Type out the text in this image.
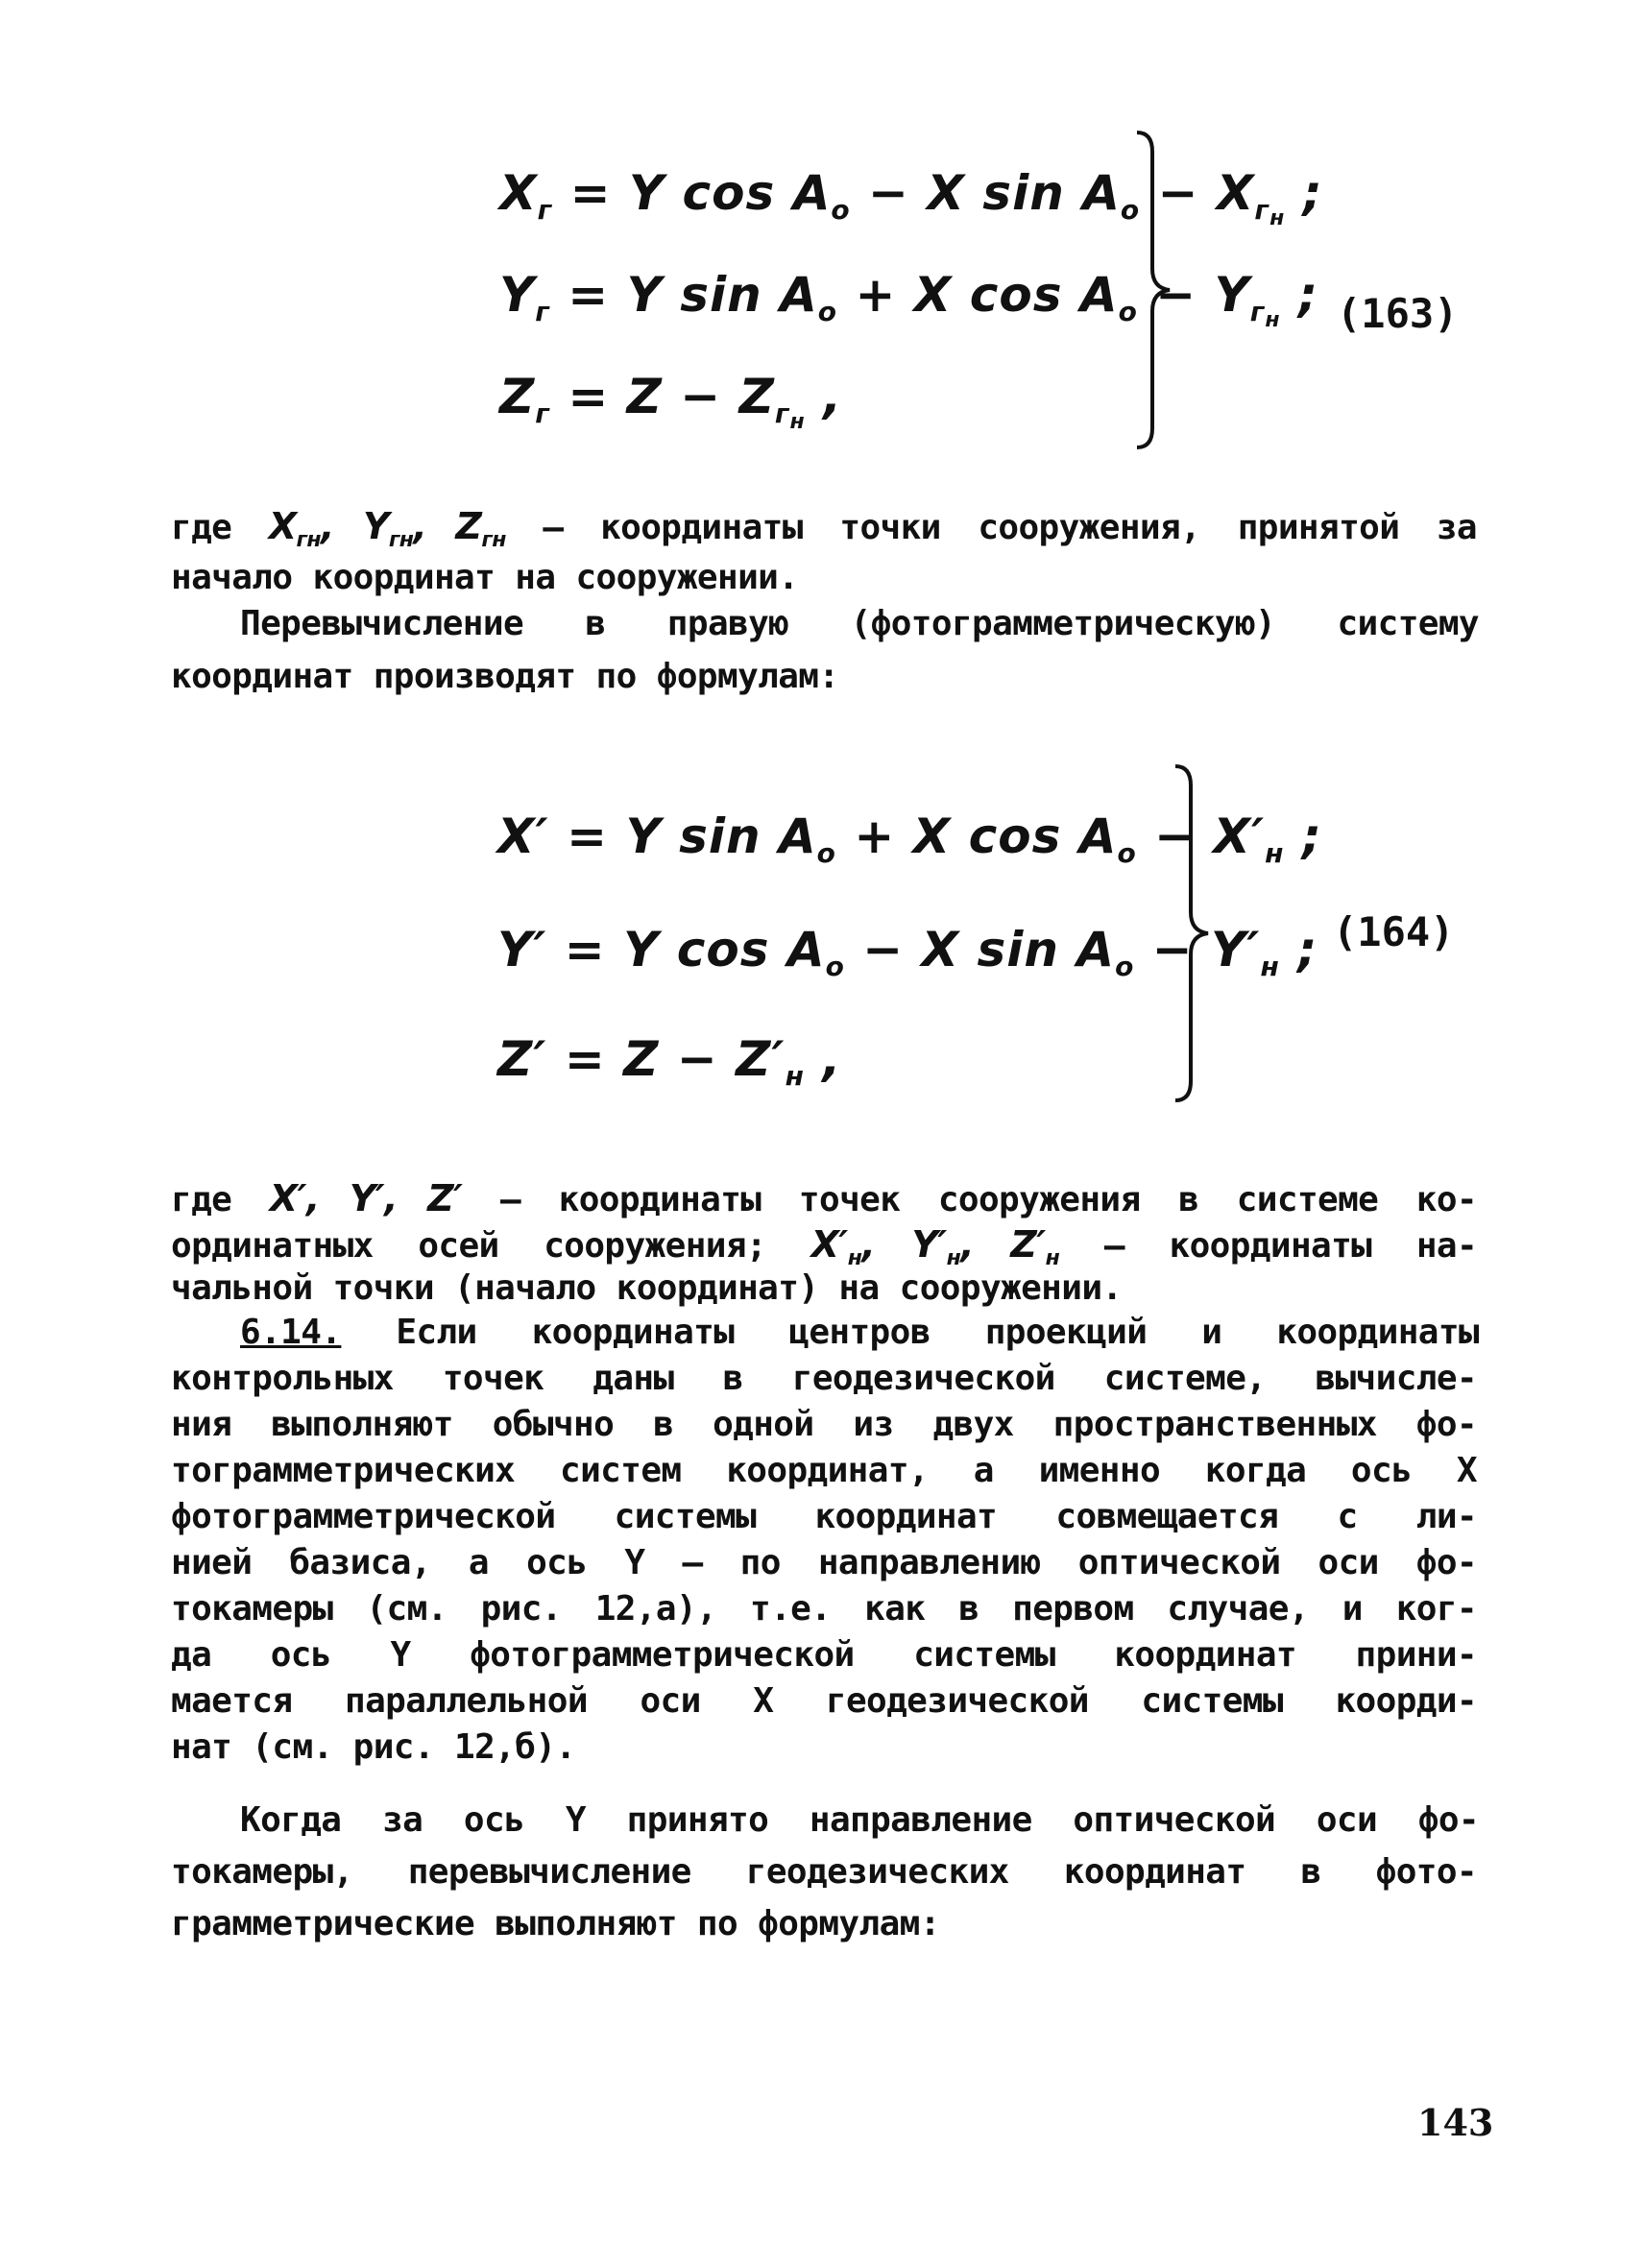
$X_г = Y$ $\cos A_o - X$ $\sin A_o - X_{г_н}$ ;
$Y_г = Y$ $\sin A_o + X$ $\cos A_o - Y_{г_н}$ ;
$Z_г = Z - Z_{г_н}$ ,
(163)
где $X_{гн}$, $Y_{гн}$, $Z_{гн}$ – координаты точки сооружения, принятой за
начало координат на сооружении.
Перевычисление в правую (фотограмметрическую) систему
координат производят по формулам:
X′ = Y $\sin A_o + X$ $\cos A_o - X'_н$ ;
Y′ = Y $\cos A_o - X$ $\sin A_o - Y'_н$ ;
$Z' = Z - Z'_н$ ,
(164)
где X′, Y′, Z′ – координаты точек сооружения в системе ко-
ординатных осей сооружения; $X'_н$, $Y'_н$, $Z'_н$ – координаты на-
чальной точки (начало координат) на сооружении.
6.14. Если координаты центров проекций и координаты
контрольных точек даны в геодезической системе, вычисле-
ния выполняют обычно в одной из двух пространственных фо-
тограмметрических систем координат, а именно когда ось X
фотограмметрической системы координат совмещается с ли-
нией базиса, а ось Y – по направлению оптической оси фо-
токамеры (см. рис. 12,а), т.е. как в первом случае, и ког-
да ось Y фотограмметрической системы координат прини-
мается параллельной оси X геодезической системы коорди-
нат (см. рис. 12,б).
Когда за ось Y принято направление оптической оси фо-
токамеры, перевычисление геодезических координат в фото-
грамметрические выполняют по формулам:
143
